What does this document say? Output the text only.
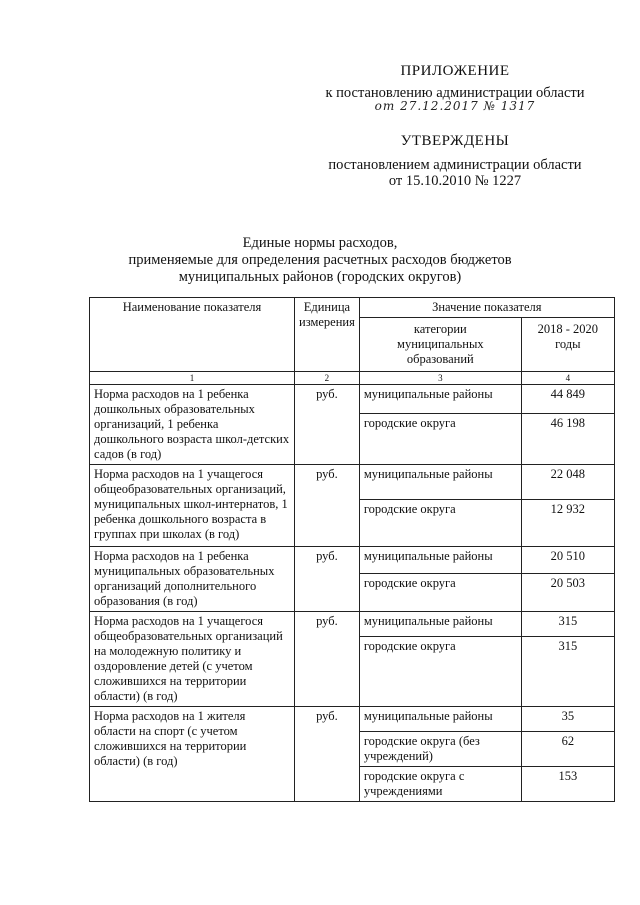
ПРИЛОЖЕНИЕ
к постановлению администрации области
от 27.12.2017 № 1317
УТВЕРЖДЕНЫ
постановлением администрации области
от 15.10.2010 № 1227
Единые нормы расходов,
применяемые для определения расчетных расходов бюджетов
муниципальных районов (городских округов)
Наименование показателя	Единица измерения	Значение показателя	
		категории муниципальных образований	2018 - 2020 годы
1	2	3	4
Норма расходов на 1 ребенка дошкольных образовательных организаций, 1 ребенка дошкольного возраста школ-детских садов (в год)	руб.	муниципальные районы	44 849
		городские округа	46 198
Норма расходов на 1 учащегося общеобразовательных организаций, муниципальных школ-интернатов, 1 ребенка дошкольного возраста в группах при школах (в год)	руб.	муниципальные районы	22 048
		городские округа	12 932
Норма расходов на 1 ребенка муниципальных образовательных организаций дополнительного образования (в год)	руб.	муниципальные районы	20 510
		городские округа	20 503
Норма расходов на 1 учащегося общеобразовательных организаций на молодежную политику и оздоровление детей (с учетом сложившихся на территории области) (в год)	руб.	муниципальные районы	315
		городские округа	315
Норма расходов на 1 жителя области на спорт (с учетом сложившихся на территории области) (в год)	руб.	муниципальные районы	35
		городские округа (без учреждений)	62
		городские округа с учреждениями	153
